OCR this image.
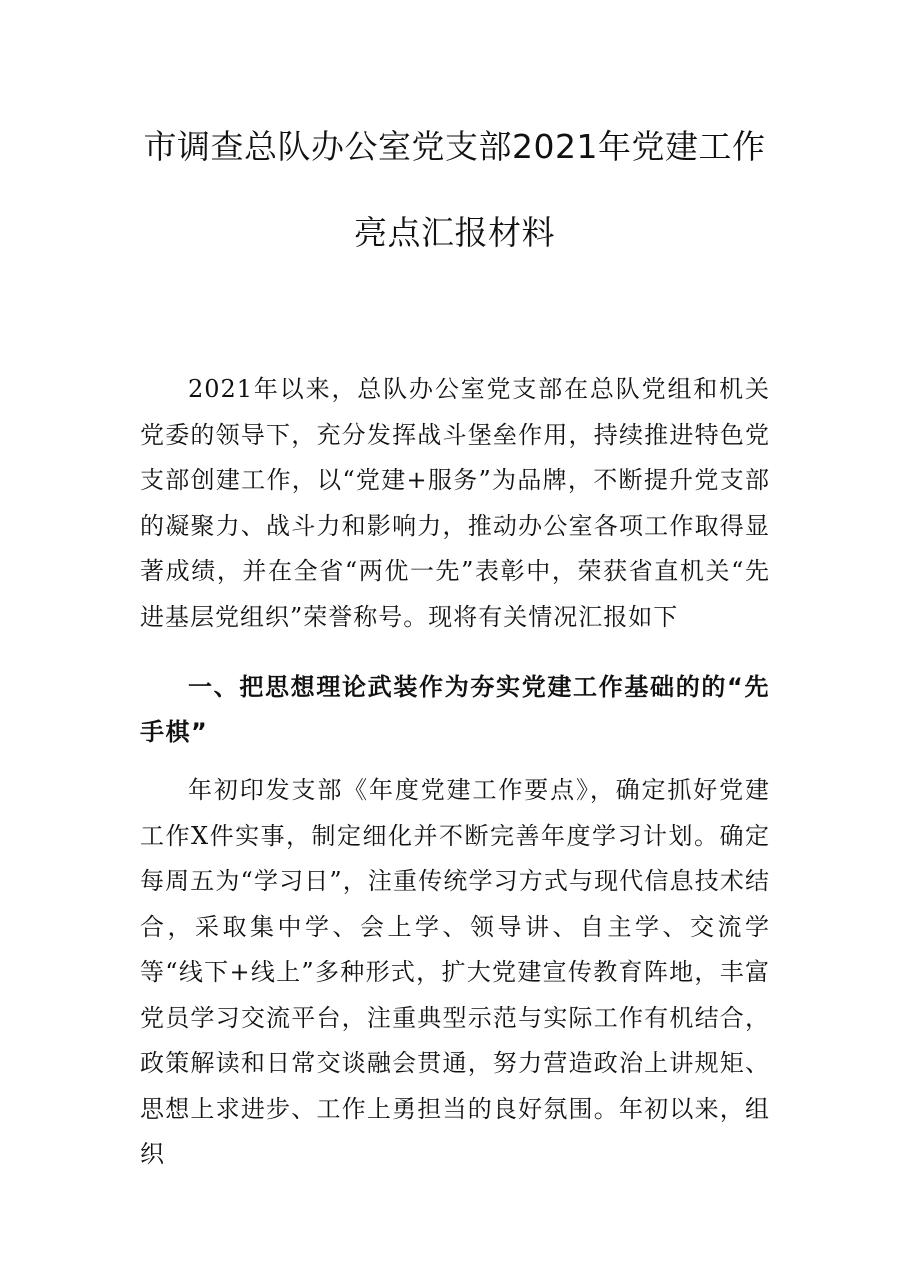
市调查总队办公室党支部2021年党建工作
亮点汇报材料
2021年以来，总队办公室党支部在总队党组和机关党委的领导下，充分发挥战斗堡垒作用，持续推进特色党支部创建工作，以“党建+服务”为品牌，不断提升党支部的凝聚力、战斗力和影响力，推动办公室各项工作取得显著成绩，并在全省“两优一先”表彰中，荣获省直机关“先进基层党组织”荣誉称号。现将有关情况汇报如下
一、把思想理论武装作为夯实党建工作基础的的“先手棋”
年初印发支部《年度党建工作要点》，确定抓好党建工作X件实事，制定细化并不断完善年度学习计划。确定每周五为“学习日”，注重传统学习方式与现代信息技术结合，采取集中学、会上学、领导讲、自主学、交流学等“线下+线上”多种形式，扩大党建宣传教育阵地，丰富党员学习交流平台，注重典型示范与实际工作有机结合，政策解读和日常交谈融会贯通，努力营造政治上讲规矩、思想上求进步、工作上勇担当的良好氛围。年初以来，组织
